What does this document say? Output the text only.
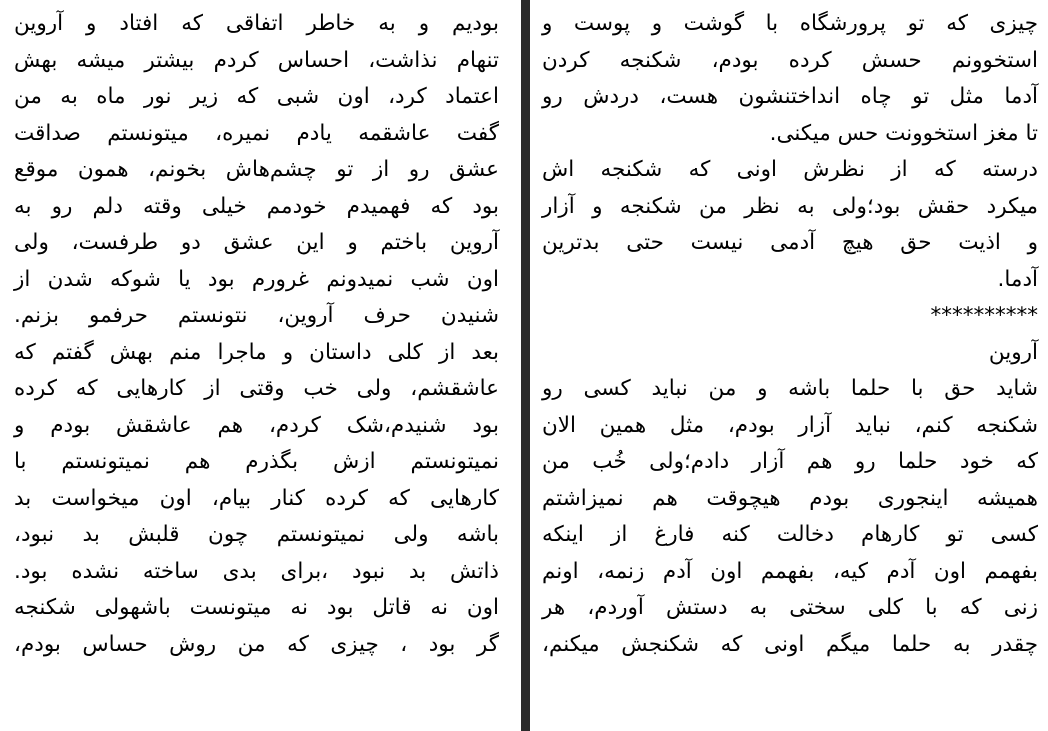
چیزی که تو پرورشگاه با گوشت و پوست و
استخوونم حسش کرده بودم، شکنجه کردن
آدما مثل تو چاه انداختنشون هست، دردش رو
تا مغز استخوونت حس میکنی.
درسته که از نظرش اونی که شکنجه اش
میکرد حقش بود؛ولی به نظر من شکنجه و آزار
و اذیت حق هیچ آدمی نیست حتی بدترین
آدما.
**********
آروین
شاید حق با حلما باشه و من نباید کسی رو
شکنجه کنم، نباید آزار بودم، مثل همین الان
که خود حلما رو هم آزار دادم؛ولی خُب من
همیشه اینجوری بودم هیچوقت هم نمیزاشتم
کسی تو کارهام دخالت کنه فارغ از اینکه
بفهمم اون آدم کیه، بفهمم اون آدم زنمه، اونم
زنی که با کلی سختی به دستش آوردم، هر
چقدر به حلما میگم اونی که شکنجش میکنم،
بودیم و به خاطر اتفاقی که افتاد و آروین
تنهام نذاشت، احساس کردم بیشتر میشه بهش
اعتماد کرد، اون شبی که زیر نور ماه به من
گفت عاشقمه یادم نمیره، میتونستم صداقت
عشق رو از تو چشم‌هاش بخونم، همون موقع
بود که فهمیدم خودمم خیلی وقته دلم رو به
آروین باختم و این عشق دو طرفست، ولی
اون شب نمیدونم غرورم بود یا شوکه شدن از
شنیدن حرف آروین، نتونستم حرفمو بزنم.
بعد از کلی داستان و ماجرا منم بهش گفتم که
عاشقشم، ولی خب وقتی از کارهایی که کرده
بود شنیدم،شک کردم، هم عاشقش بودم و
نمیتونستم ازش بگذرم هم نمیتونستم با
کارهایی که کرده کنار بیام، اون میخواست بد
باشه ولی نمیتونستم چون قلبش بد نبود،
ذاتش بد نبود ،برای بدی ساخته نشده بود.
اون نه قاتل بود نه میتونست باشهولی شکنجه
گر بود ، چیزی که من روش حساس بودم،
